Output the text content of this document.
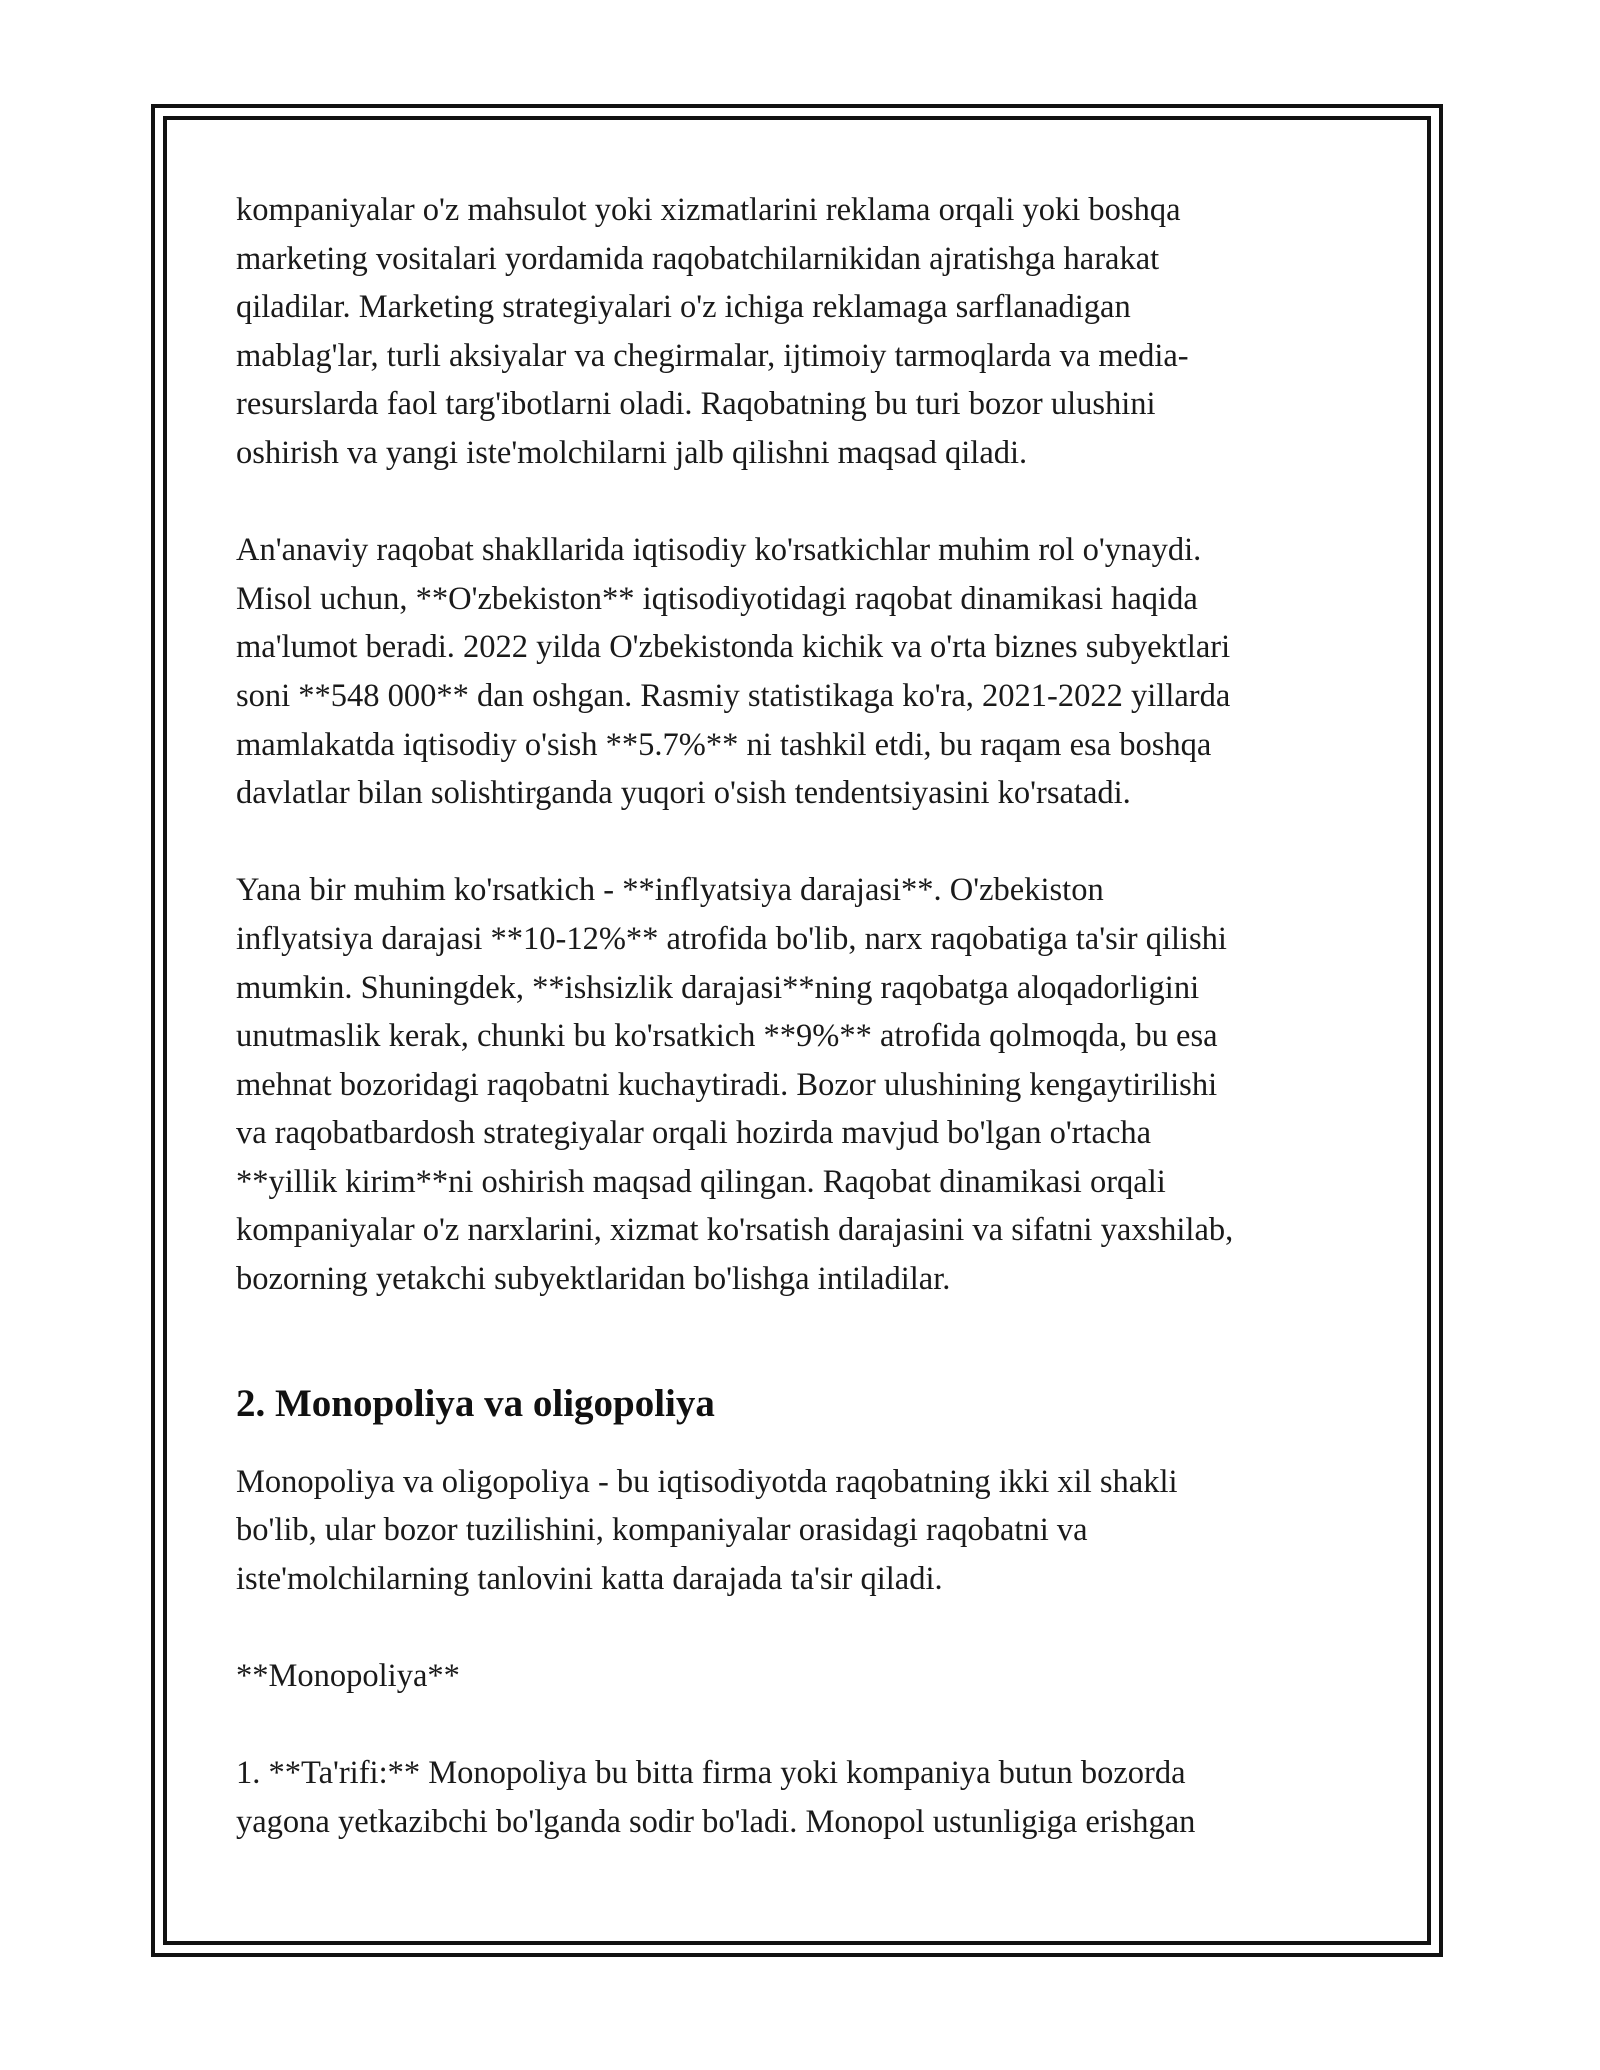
kompaniyalar o'z mahsulot yoki xizmatlarini reklama orqali yoki boshqa

marketing vositalari yordamida raqobatchilarnikidan ajratishga harakat

qiladilar. Marketing strategiyalari o'z ichiga reklamaga sarflanadigan

mablag'lar, turli aksiyalar va chegirmalar, ijtimoiy tarmoqlarda va media-

resurslarda faol targ'ibotlarni oladi. Raqobatning bu turi bozor ulushini

oshirish va yangi iste'molchilarni jalb qilishni maqsad qiladi.

An'anaviy raqobat shakllarida iqtisodiy ko'rsatkichlar muhim rol o'ynaydi.

Misol uchun, **O'zbekiston** iqtisodiyotidagi raqobat dinamikasi haqida

ma'lumot beradi. 2022 yilda O'zbekistonda kichik va o'rta biznes subyektlari

soni **548 000** dan oshgan. Rasmiy statistikaga ko'ra, 2021-2022 yillarda

mamlakatda iqtisodiy o'sish **5.7%** ni tashkil etdi, bu raqam esa boshqa

davlatlar bilan solishtirganda yuqori o'sish tendentsiyasini ko'rsatadi.

Yana bir muhim ko'rsatkich - **inflyatsiya darajasi**. O'zbekiston

inflyatsiya darajasi **10-12%** atrofida bo'lib, narx raqobatiga ta'sir qilishi

mumkin. Shuningdek, **ishsizlik darajasi**ning raqobatga aloqadorligini

unutmaslik kerak, chunki bu ko'rsatkich **9%** atrofida qolmoqda, bu esa

mehnat bozoridagi raqobatni kuchaytiradi. Bozor ulushining kengaytirilishi

va raqobatbardosh strategiyalar orqali hozirda mavjud bo'lgan o'rtacha

**yillik kirim**ni oshirish maqsad qilingan. Raqobat dinamikasi orqali

kompaniyalar o'z narxlarini, xizmat ko'rsatish darajasini va sifatni yaxshilab,

bozorning yetakchi subyektlaridan bo'lishga intiladilar.

2. Monopoliya va oligopoliya

Monopoliya va oligopoliya - bu iqtisodiyotda raqobatning ikki xil shakli

bo'lib, ular bozor tuzilishini, kompaniyalar orasidagi raqobatni va

iste'molchilarning tanlovini katta darajada ta'sir qiladi.

**Monopoliya**

1. **Ta'rifi:** Monopoliya bu bitta firma yoki kompaniya butun bozorda

yagona yetkazibchi bo'lganda sodir bo'ladi. Monopol ustunligiga erishgan
